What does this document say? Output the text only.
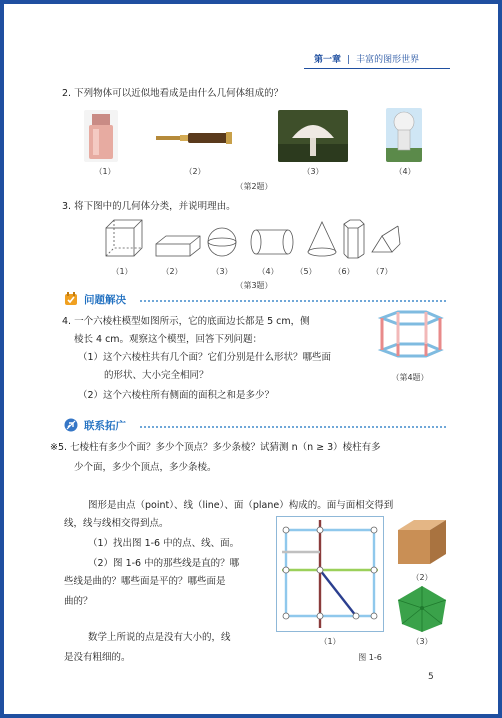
第一章 | 丰富的图形世界
2. 下列物体可以近似地看成是由什么几何体组成的？
（1）	（2）	（3）	（4）
（第2题）
3. 将下图中的几何体分类，并说明理由。
（1）	（2）	（3）	（4）	（5）	（6）	（7）
（第3题）
问题解决
4. 一个六棱柱模型如图所示，它的底面边长都是 5 cm，侧
棱长 4 cm。观察这个模型，回答下列问题：
（1）这个六棱柱共有几个面？它们分别是什么形状？哪些面
的形状、大小完全相同？
（2）这个六棱柱所有侧面的面积之和是多少？
（第4题）
联系拓广
※5. 七棱柱有多少个面？多少个顶点？多少条棱？试猜测 n（n ≥ 3）棱柱有多
少个面，多少个顶点，多少条棱。
图形是由点（point）、线（line）、面（plane）构成的。面与面相交得到
线，线与线相交得到点。
（1）找出图 1-6 中的点、线、面。
（2）图 1-6 中的那些线是直的？哪
些线是曲的？哪些面是平的？哪些面是
曲的？
数学上所说的点是没有大小的，线
是没有粗细的。
（2）
（1）	（3）
图 1-6
5
